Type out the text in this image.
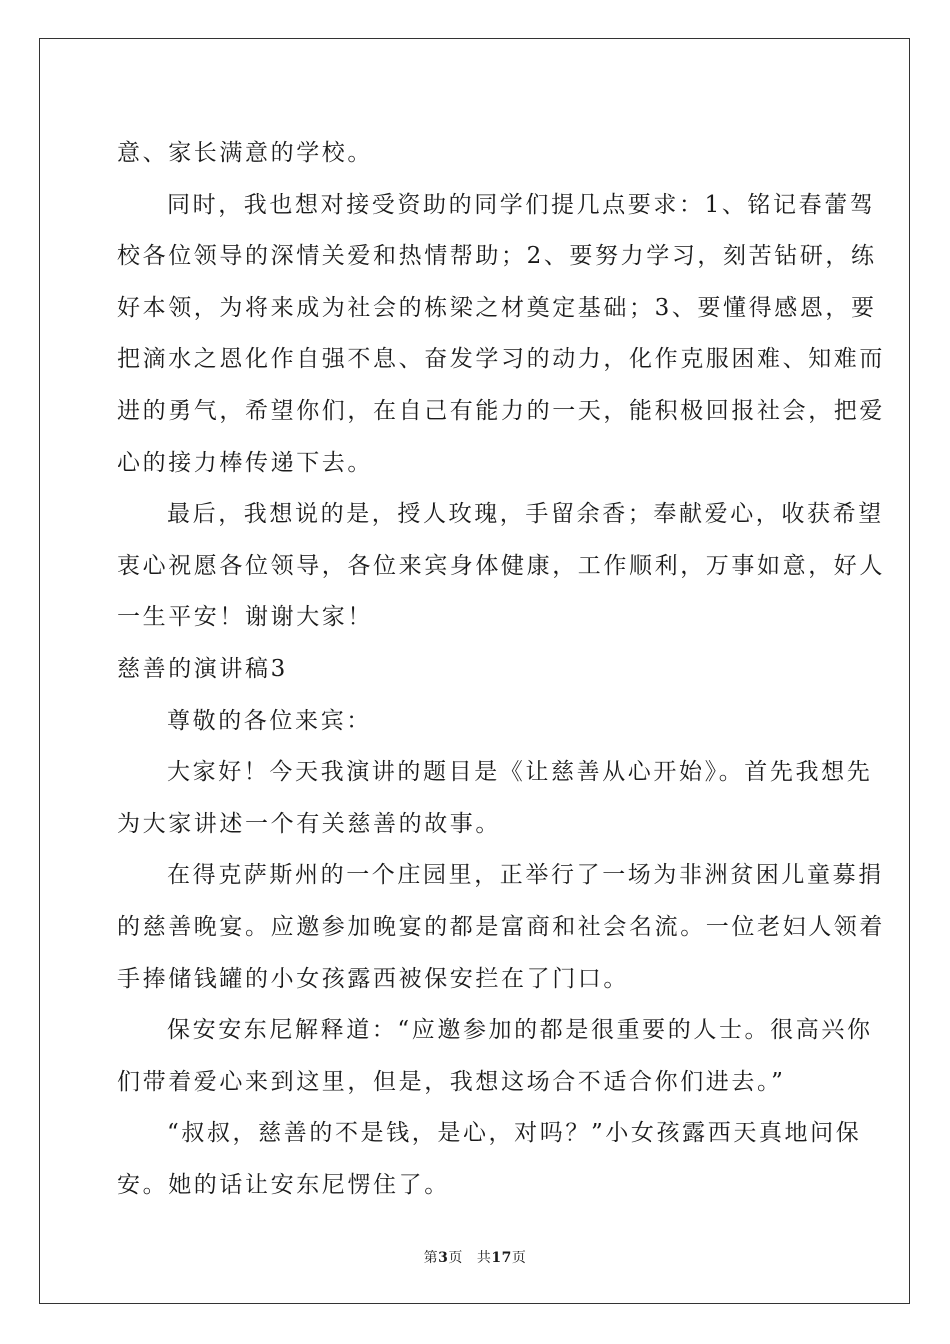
意、家长满意的学校。
同时，我也想对接受资助的同学们提几点要求：1、铭记春蕾驾
校各位领导的深情关爱和热情帮助；2、要努力学习，刻苦钻研，练
好本领，为将来成为社会的栋梁之材奠定基础；3、要懂得感恩，要
把滴水之恩化作自强不息、奋发学习的动力，化作克服困难、知难而
进的勇气，希望你们，在自己有能力的一天，能积极回报社会，把爱
心的接力棒传递下去。
最后，我想说的是，授人玫瑰，手留余香；奉献爱心，收获希望
衷心祝愿各位领导，各位来宾身体健康，工作顺利，万事如意，好人
一生平安！谢谢大家！
慈善的演讲稿3
尊敬的各位来宾：
大家好！今天我演讲的题目是《让慈善从心开始》。首先我想先
为大家讲述一个有关慈善的故事。
在得克萨斯州的一个庄园里，正举行了一场为非洲贫困儿童募捐
的慈善晚宴。应邀参加晚宴的都是富商和社会名流。一位老妇人领着
手捧储钱罐的小女孩露西被保安拦在了门口。
保安安东尼解释道：“应邀参加的都是很重要的人士。很高兴你
们带着爱心来到这里，但是，我想这场合不适合你们进去。”
“叔叔，慈善的不是钱，是心，对吗？”小女孩露西天真地问保
安。她的话让安东尼愣住了。
第3页 共17页
